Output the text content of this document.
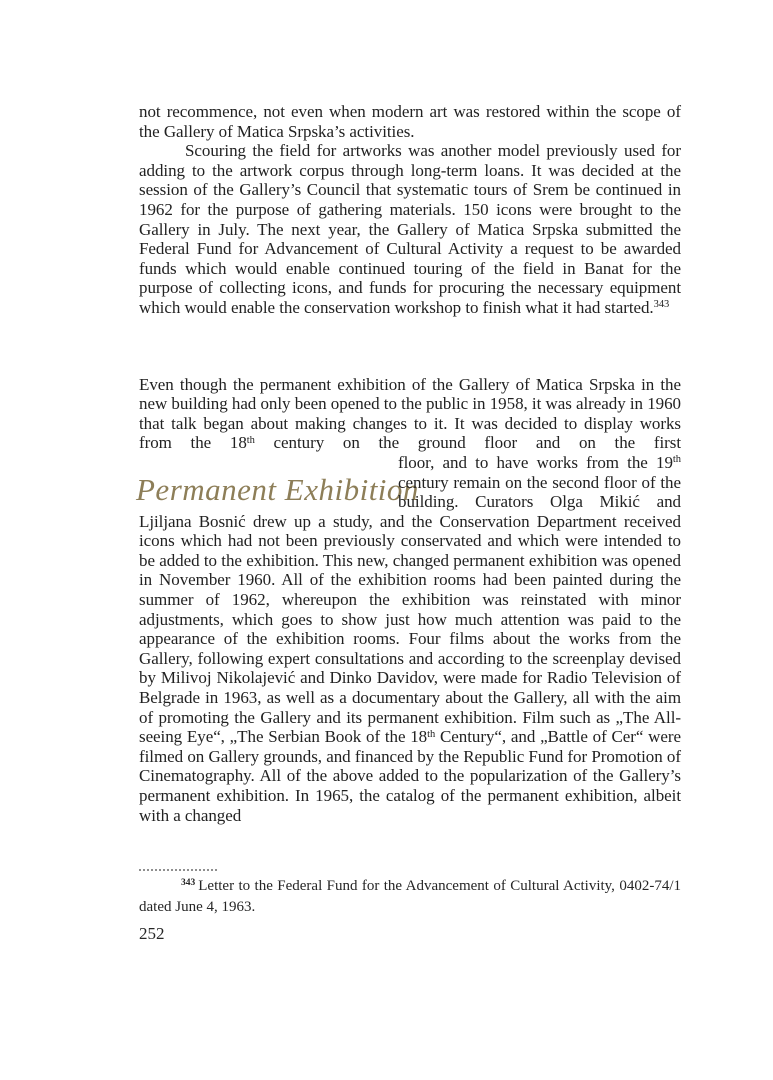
not recommence, not even when modern art was restored within the scope of the Gallery of Matica Srpska’s activities.

Scouring the field for artworks was another model previously used for adding to the artwork corpus through long-term loans. It was decided at the session of the Gallery’s Council that systematic tours of Srem be continued in 1962 for the purpose of gathering materials. 150 icons were brought to the Gallery in July. The next year, the Gallery of Matica Srpska submitted the Federal Fund for Advancement of Cultural Activity a request to be awarded funds which would enable continued touring of the field in Banat for the purpose of collecting icons, and funds for procuring the necessary equipment which would enable the conservation workshop to finish what it had started.$^{343}$

Even though the permanent exhibition of the Gallery of Matica Srpska in the new building had only been opened to the public in 1958, it was already in 1960 that talk began about making changes to it. It was decided to display works from the 18th century on the ground floor and on the first

Permanent Exhibition

floor, and to have works from the 19th century remain on the second floor of the building. Curators Olga Mikić and

Ljiljana Bosnić drew up a study, and the Conservation Department received icons which had not been previously conservated and which were intended to be added to the exhibition. This new, changed permanent exhibition was opened in November 1960. All of the exhibition rooms had been painted during the summer of 1962, whereupon the exhibition was reinstated with minor adjustments, which goes to show just how much attention was paid to the appearance of the exhibition rooms. Four films about the works from the Gallery, following expert consultations and according to the screenplay devised by Milivoj Nikolajević and Dinko Davidov, were made for Radio Television of Belgrade in 1963, as well as a documentary about the Gallery, all with the aim of promoting the Gallery and its permanent exhibition. Film such as „The All-seeing Eye“, „The Serbian Book of the 18th Century“, and „Battle of Cer“ were filmed on Gallery grounds, and financed by the Republic Fund for Promotion of Cinematography. All of the above added to the popularization of the Gallery’s permanent exhibition. In 1965, the catalog of the permanent exhibition, albeit with a changed

$^{343}$ Letter to the Federal Fund for the Advancement of Cultural Activity, 0402-74/1 dated June 4, 1963.

252
